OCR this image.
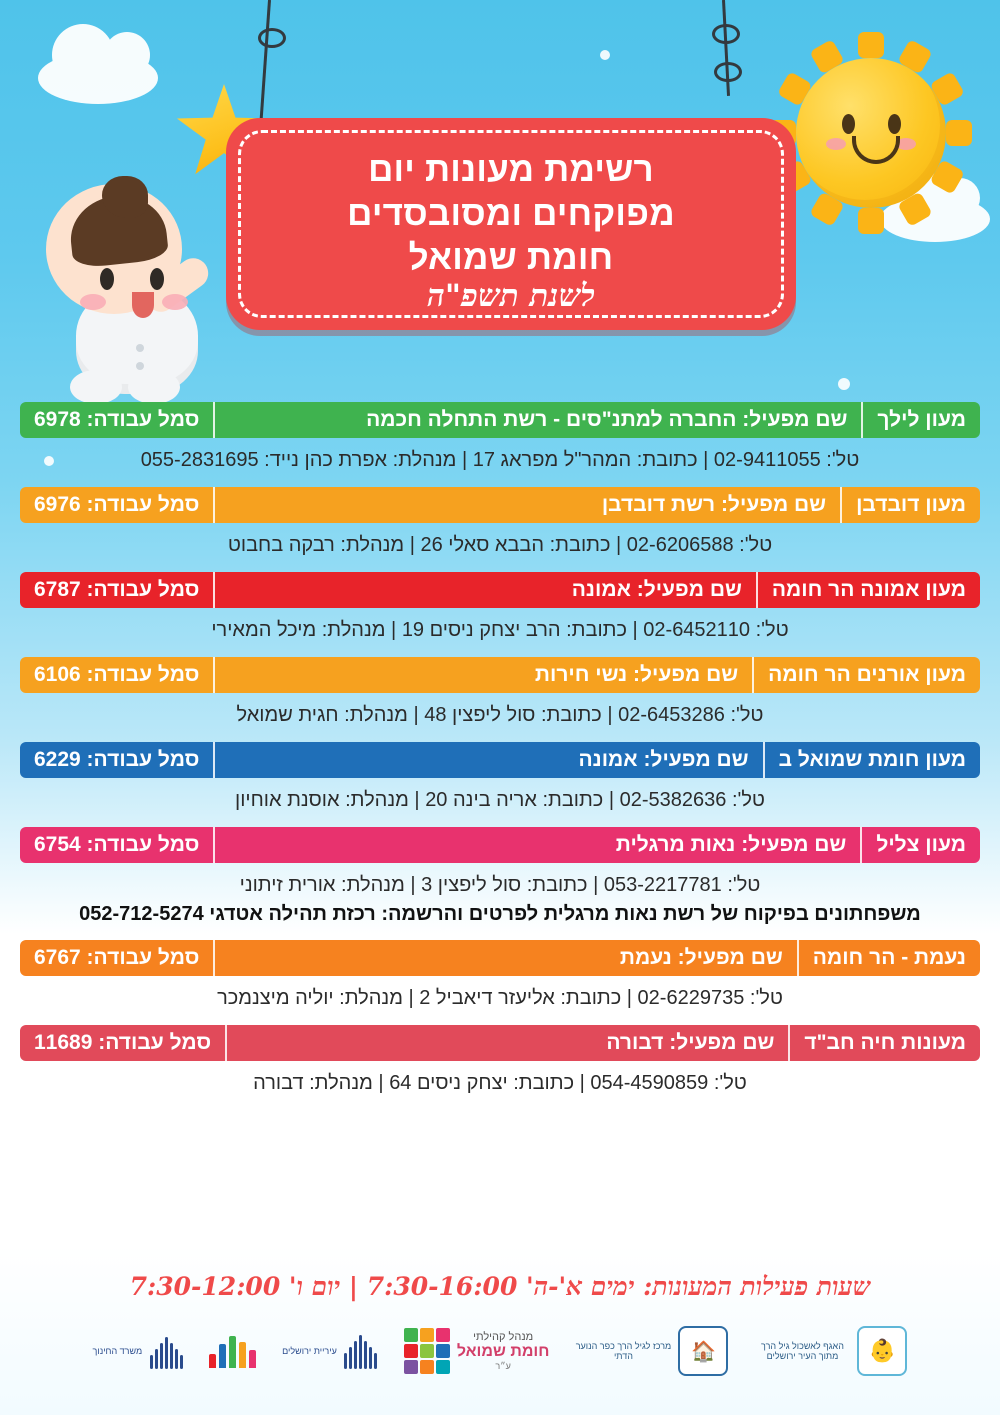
רשימת מעונות יום
מפוקחים ומסובסדים
חומת שמואל
לשנת תשפ"ה
מעון לילך
שם מפעיל: החברה למתנ"סים - רשת התחלה חכמה
סמל עבודה: 6978
טל': 02-9411055 | כתובת: המהר"ל מפראג 17 | מנהלת: אפרת כהן נייד: 055-2831695
מעון דובדבן
שם מפעיל: רשת דובדבן
סמל עבודה: 6976
טל': 02-6206588 | כתובת: הבבא סאלי 26 | מנהלת: רבקה בחבוט
מעון אמונה הר חומה
שם מפעיל: אמונה
סמל עבודה: 6787
טל': 02-6452110 | כתובת: הרב יצחק ניסים 19 | מנהלת: מיכל המאירי
מעון אורנים הר חומה
שם מפעיל: נשי חירות
סמל עבודה: 6106
טל': 02-6453286 | כתובת: סול ליפצין 48 | מנהלת: חגית שמואל
מעון חומת שמואל ב
שם מפעיל: אמונה
סמל עבודה: 6229
טל': 02-5382636 | כתובת: אריה בינה 20 | מנהלת: אוסנת אוחיון
מעון צליל
שם מפעיל: נאות מרגלית
סמל עבודה: 6754
טל': 053-2217781 | כתובת: סול ליפצין 3 | מנהלת: אורית זיתוני
משפחתונים בפיקוח של רשת נאות מרגלית לפרטים והרשמה: רכזת תהילה אטדגי 052-712-5274
נעמת - הר חומה
שם מפעיל: נעמת
סמל עבודה: 6767
טל': 02-6229735 | כתובת: אליעזר דיאביל 2 | מנהלת: יוליה מיצנמכר
מעונות חיה חב"ד
שם מפעיל: דבורה
סמל עבודה: 11689
טל': 054-4590859 | כתובת: יצחק ניסים 64 | מנהלת: דבורה
שעות פעילות המעונות: ימים א'-ה' 7:30-16:00 | יום ו' 7:30-12:00
👶
האגף לאשכול גיל הרך מתוך העיר ירושלים
🏠
מרכז לגיל הרך כפר הנוער הדתי
מנהל קהילתי
חומת שמואל
ע״ר
עיריית ירושלים
משרד החינוך
